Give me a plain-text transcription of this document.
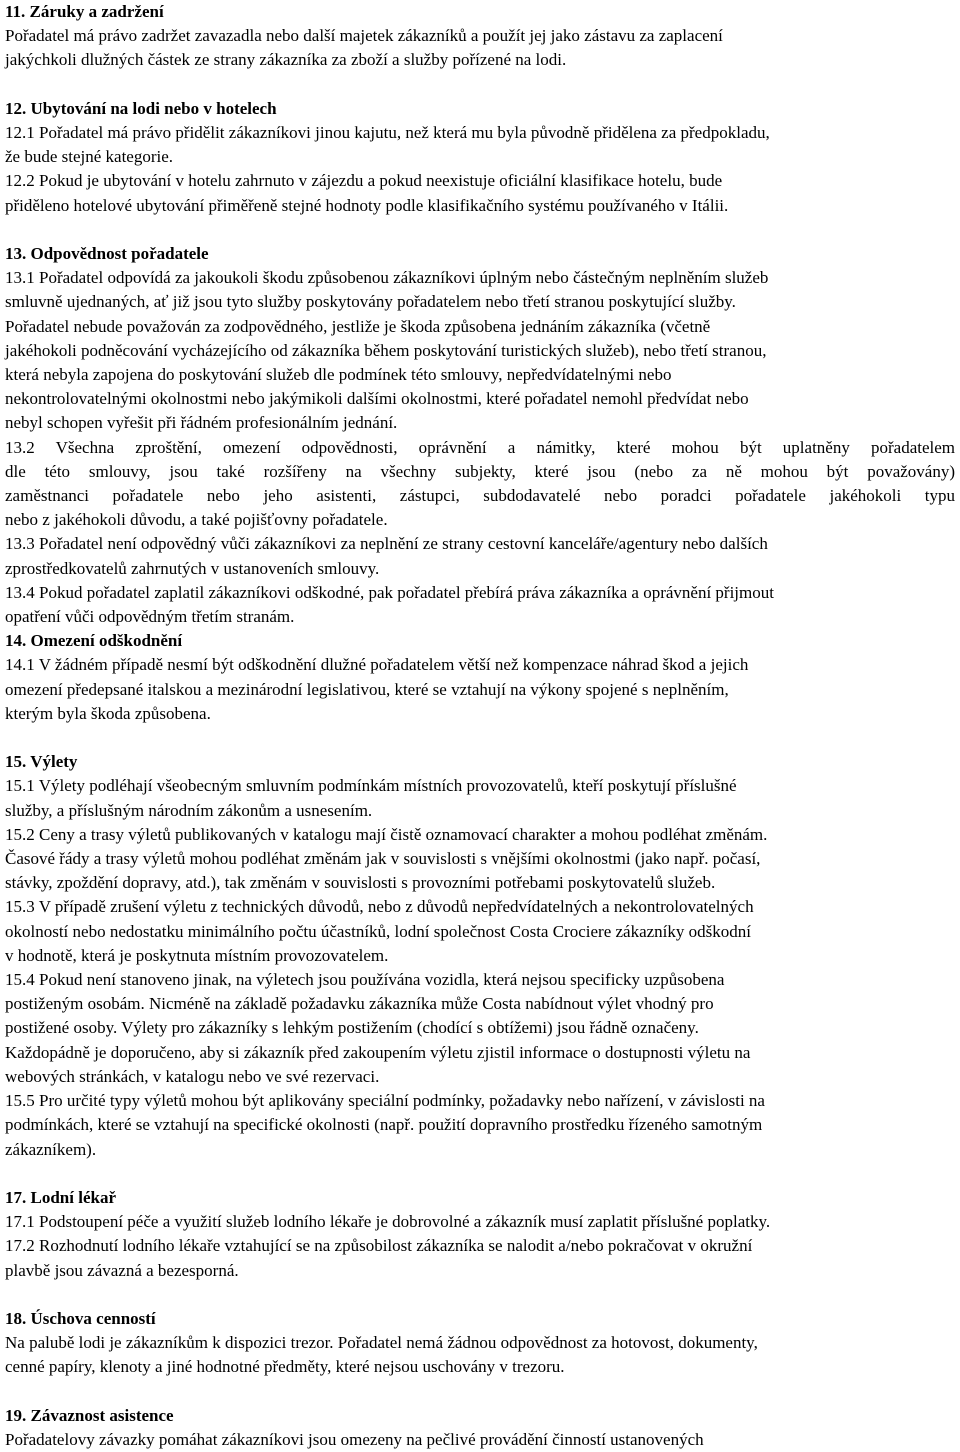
11. Záruky a zadržení
Pořadatel má právo zadržet zavazadla nebo další majetek zákazníků a použít jej jako zástavu za zaplacení
jakýchkoli dlužných částek ze strany zákazníka za zboží a služby pořízené na lodi.
12. Ubytování na lodi nebo v hotelech
12.1 Pořadatel má právo přidělit zákazníkovi jinou kajutu, než která mu byla původně přidělena za předpokladu,
že bude stejné kategorie.
12.2 Pokud je ubytování v hotelu zahrnuto v zájezdu a pokud neexistuje oficiální klasifikace hotelu, bude
přiděleno hotelové ubytování přiměřeně stejné hodnoty podle klasifikačního systému používaného v Itálii.
13. Odpovědnost pořadatele
13.1 Pořadatel odpovídá za jakoukoli škodu způsobenou zákazníkovi úplným nebo částečným neplněním služeb
smluvně ujednaných, ať již jsou tyto služby poskytovány pořadatelem nebo třetí stranou poskytující služby.
Pořadatel nebude považován za zodpovědného, jestliže je škoda způsobena jednáním zákazníka (včetně
jakéhokoli podněcování vycházejícího od zákazníka během poskytování turistických služeb), nebo třetí stranou,
která nebyla zapojena do poskytování služeb dle podmínek této smlouvy, nepředvídatelnými nebo
nekontrolovatelnými okolnostmi nebo jakýmikoli dalšími okolnostmi, které pořadatel nemohl předvídat nebo
nebyl schopen vyřešit při řádném profesionálním jednání.
13.2 Všechna zproštění, omezení odpovědnosti, oprávnění a námitky, které mohou být uplatněny pořadatelem
dle této smlouvy, jsou také rozšířeny na všechny subjekty, které jsou (nebo za ně mohou být považovány)
zaměstnanci pořadatele nebo jeho asistenti, zástupci, subdodavatelé nebo poradci pořadatele jakéhokoli typu
nebo z jakéhokoli důvodu, a také pojišťovny pořadatele.
13.3 Pořadatel není odpovědný vůči zákazníkovi za neplnění ze strany cestovní kanceláře/agentury nebo dalších
zprostředkovatelů zahrnutých v ustanoveních smlouvy.
13.4 Pokud pořadatel zaplatil zákazníkovi odškodné, pak pořadatel přebírá práva zákazníka a oprávnění přijmout
opatření vůči odpovědným třetím stranám.
14. Omezení odškodnění
14.1 V žádném případě nesmí být odškodnění dlužné pořadatelem větší než kompenzace náhrad škod a jejich
omezení předepsané italskou a mezinárodní legislativou, které se vztahují na výkony spojené s neplněním,
kterým byla škoda způsobena.
15. Výlety
15.1 Výlety podléhají všeobecným smluvním podmínkám místních provozovatelů, kteří poskytují příslušné
služby, a příslušným národním zákonům a usnesením.
15.2 Ceny a trasy výletů publikovaných v katalogu mají čistě oznamovací charakter a mohou podléhat změnám.
Časové řády a trasy výletů mohou podléhat změnám jak v souvislosti s vnějšími okolnostmi (jako např. počasí,
stávky, zpoždění dopravy, atd.), tak změnám v souvislosti s provozními potřebami poskytovatelů služeb.
15.3 V případě zrušení výletu z technických důvodů, nebo z důvodů nepředvídatelných a nekontrolovatelných
okolností nebo nedostatku minimálního počtu účastníků, lodní společnost Costa Crociere zákazníky odškodní
v hodnotě, která je poskytnuta místním provozovatelem.
15.4 Pokud není stanoveno jinak, na výletech jsou používána vozidla, která nejsou specificky uzpůsobena
postiženým osobám. Nicméně na základě požadavku zákazníka může Costa nabídnout výlet vhodný pro
postižené osoby. Výlety pro zákazníky s lehkým postižením (chodící s obtížemi) jsou řádně označeny.
Každopádně je doporučeno, aby si zákazník před zakoupením výletu zjistil informace o dostupnosti výletu na
webových stránkách, v katalogu nebo ve své rezervaci.
15.5 Pro určité typy výletů mohou být aplikovány speciální podmínky, požadavky nebo nařízení, v závislosti na
podmínkách, které se vztahují na specifické okolnosti (např. použití dopravního prostředku řízeného samotným
zákazníkem).
17. Lodní lékař
17.1 Podstoupení péče a využití služeb lodního lékaře je dobrovolné a zákazník musí zaplatit příslušné poplatky.
17.2 Rozhodnutí lodního lékaře vztahující se na způsobilost zákazníka se nalodit a/nebo pokračovat v okružní
plavbě jsou závazná a bezesporná.
18. Úschova cenností
Na palubě lodi je zákazníkům k dispozici trezor. Pořadatel nemá žádnou odpovědnost za hotovost, dokumenty,
cenné papíry, klenoty a jiné hodnotné předměty, které nejsou uschovány v trezoru.
19. Závaznost asistence
Pořadatelovy závazky pomáhat zákazníkovi jsou omezeny na pečlivé provádění činností ustanovených
